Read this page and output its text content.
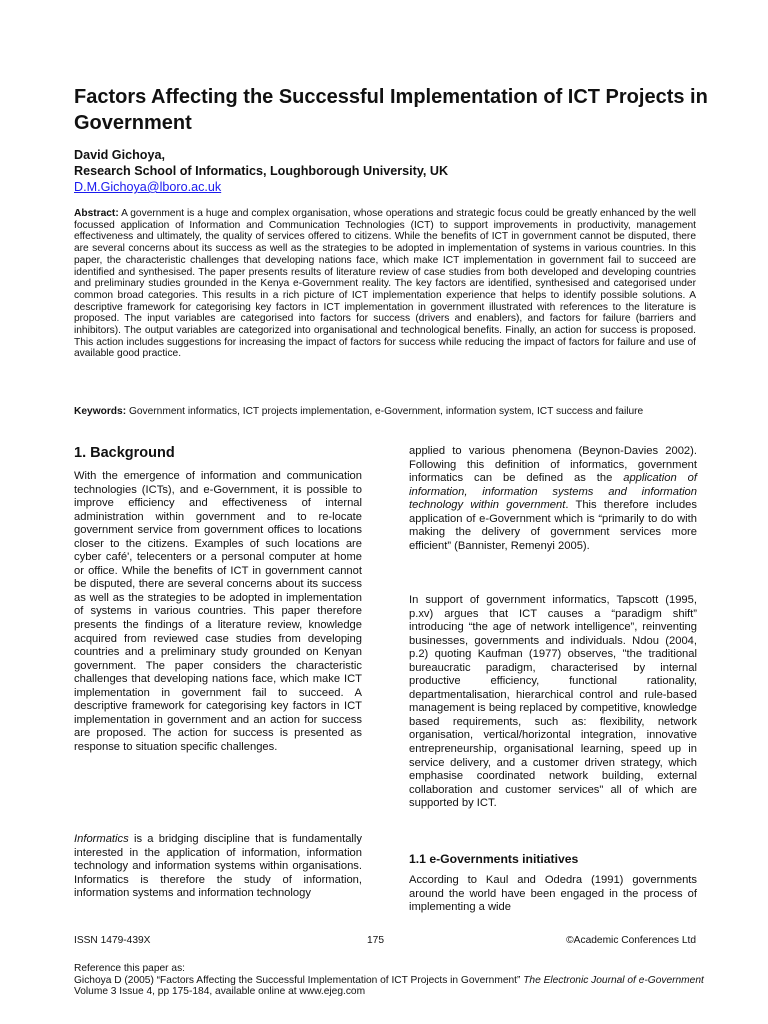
Factors Affecting the Successful Implementation of ICT Projects in Government
David Gichoya,
Research School of Informatics, Loughborough University, UK
D.M.Gichoya@lboro.ac.uk
Abstract: A government is a huge and complex organisation, whose operations and strategic focus could be greatly enhanced by the well focussed application of Information and Communication Technologies (ICT) to support improvements in productivity, management effectiveness and ultimately, the quality of services offered to citizens. While the benefits of ICT in government cannot be disputed, there are several concerns about its success as well as the strategies to be adopted in implementation of systems in various countries. In this paper, the characteristic challenges that developing nations face, which make ICT implementation in government fail to succeed are identified and synthesised. The paper presents results of literature review of case studies from both developed and developing countries and preliminary studies grounded in the Kenya e-Government reality. The key factors are identified, synthesised and categorised under common broad categories. This results in a rich picture of ICT implementation experience that helps to identify possible solutions. A descriptive framework for categorising key factors in ICT implementation in government illustrated with references to the literature is proposed. The input variables are categorised into factors for success (drivers and enablers), and factors for failure (barriers and inhibitors). The output variables are categorized into organisational and technological benefits. Finally, an action for success is proposed. This action includes suggestions for increasing the impact of factors for success while reducing the impact of factors for failure and use of available good practice.
Keywords: Government informatics, ICT projects implementation, e-Government, information system, ICT success and failure
1. Background

With the emergence of information and communication technologies (ICTs), and e-Government, it is possible to improve efficiency and effectiveness of internal administration within government and to re-locate government service from government offices to locations closer to the citizens. Examples of such locations are cyber café', telecenters or a personal computer at home or office. While the benefits of ICT in government cannot be disputed, there are several concerns about its success as well as the strategies to be adopted in implementation of systems in various countries. This paper therefore presents the findings of a literature review, knowledge acquired from reviewed case studies from developing countries and a preliminary study grounded on Kenyan government. The paper considers the characteristic challenges that developing nations face, which make ICT implementation in government fail to succeed. A descriptive framework for categorising key factors in ICT implementation in government and an action for success are proposed. The action for success is presented as response to situation specific challenges.

Informatics is a bridging discipline that is fundamentally interested in the application of information, information technology and information systems within organisations. Informatics is therefore the study of information, information systems and information technology

applied to various phenomena (Beynon-Davies 2002). Following this definition of informatics, government informatics can be defined as the application of information, information systems and information technology within government. This therefore includes application of e-Government which is “primarily to do with making the delivery of government services more efficient” (Bannister, Remenyi 2005).

In support of government informatics, Tapscott (1995, p.xv) argues that ICT causes a “paradigm shift” introducing “the age of network intelligence”, reinventing businesses, governments and individuals. Ndou (2004, p.2) quoting Kaufman (1977) observes, "the traditional bureaucratic paradigm, characterised by internal productive efficiency, functional rationality, departmentalisation, hierarchical control and rule-based management is being replaced by competitive, knowledge based requirements, such as: flexibility, network organisation, vertical/horizontal integration, innovative entrepreneurship, organisational learning, speed up in service delivery, and a customer driven strategy, which emphasise coordinated network building, external collaboration and customer services" all of which are supported by ICT.

1.1 e-Governments initiatives

According to Kaul and Odedra (1991) governments around the world have been engaged in the process of implementing a wide

ISSN 1479-439X	175	©Academic Conferences Ltd
Reference this paper as:
Gichoya D (2005) “Factors Affecting the Successful Implementation of ICT Projects in Government” The Electronic Journal of e-Government Volume 3 Issue 4, pp 175-184, available online at www.ejeg.com
